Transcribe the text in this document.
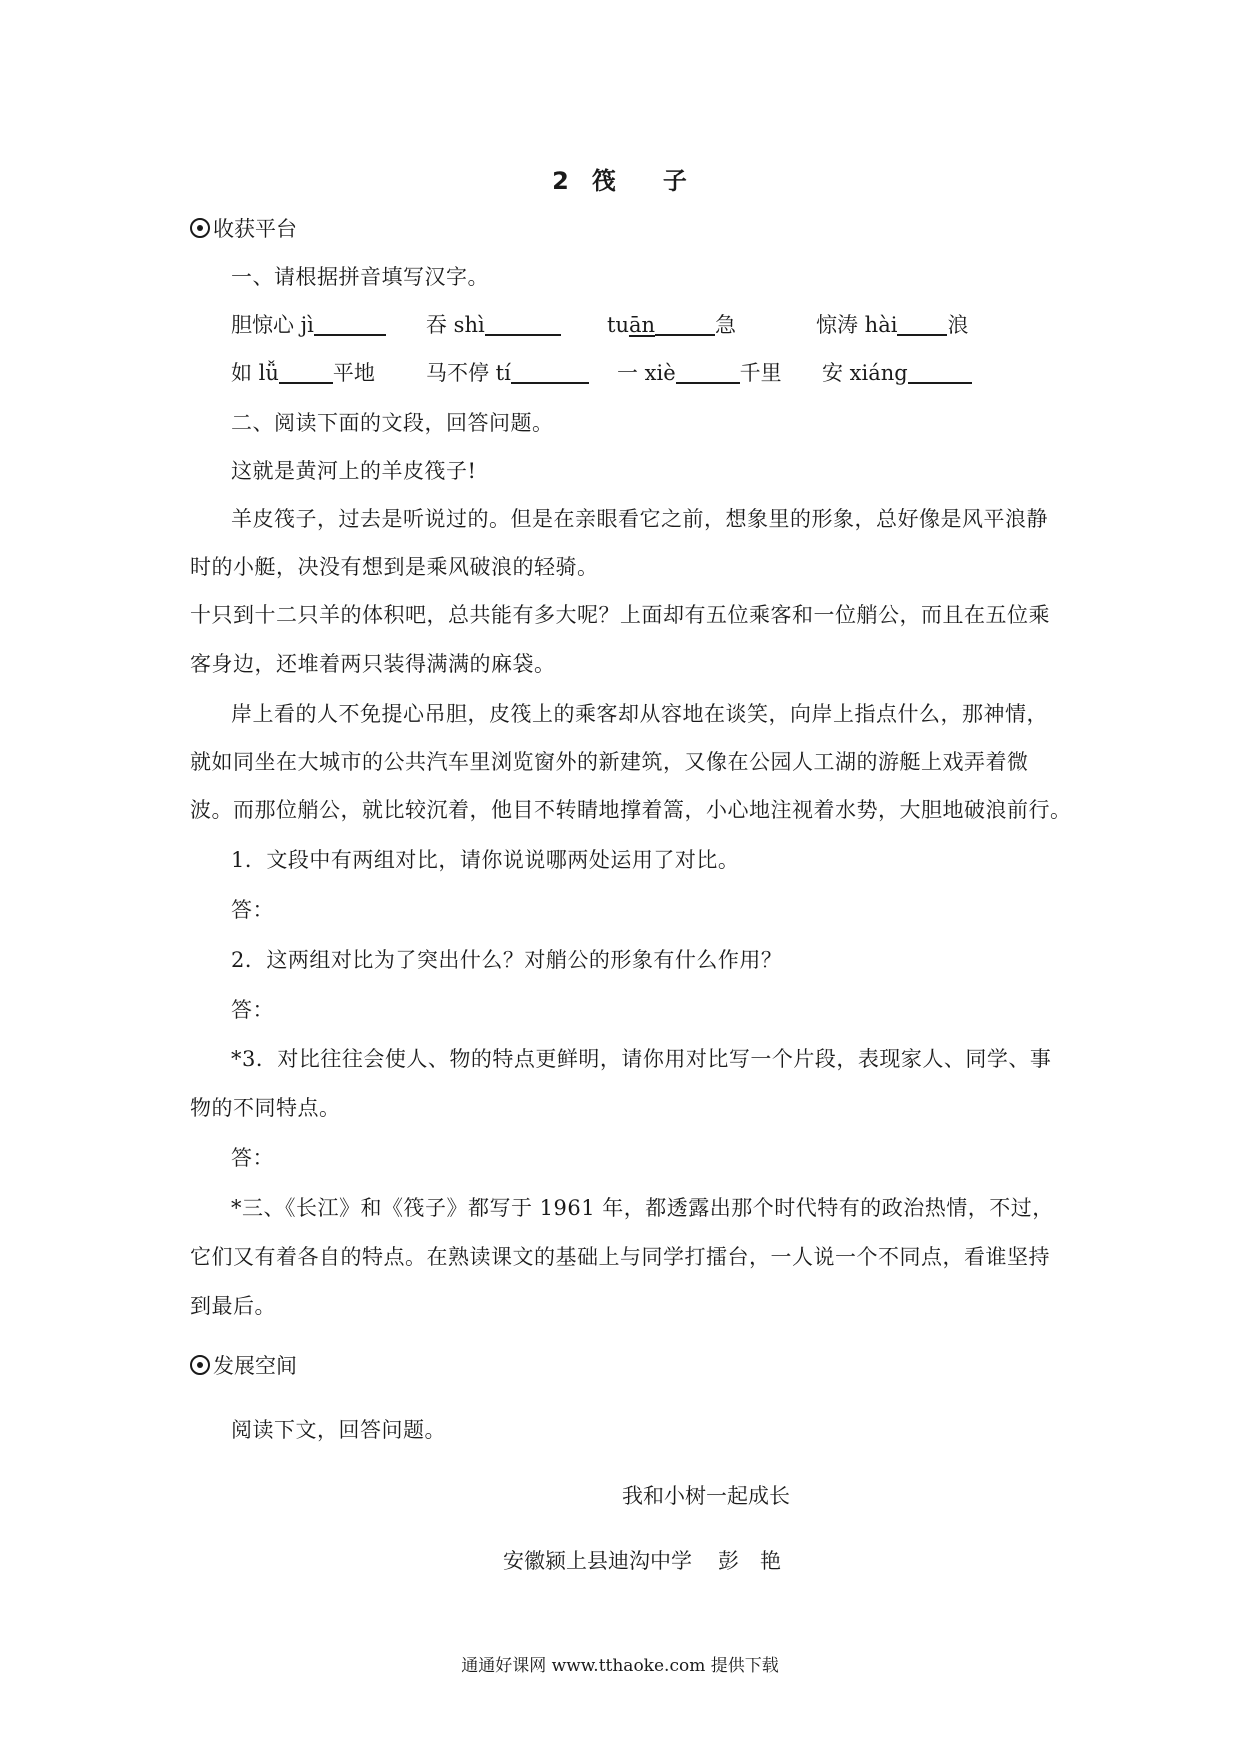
2 筏 子
收获平台
一、请根据拼音填写汉字。
胆惊心 jì	吞 shì	tuān	急	惊涛 hài 浪
如 lǚ	平地 马不停 tí	一 xiè	千里 安 xiáng
二、阅读下面的文段，回答问题。
这就是黄河上的羊皮筏子!
羊皮筏子，过去是听说过的。但是在亲眼看它之前，想象里的形象，总好像是风平浪静
时的小艇，决没有想到是乘风破浪的轻骑。
十只到十二只羊的体积吧，总共能有多大呢？上面却有五位乘客和一位艄公，而且在五位乘
客身边，还堆着两只装得满满的麻袋。
岸上看的人不免提心吊胆，皮筏上的乘客却从容地在谈笑，向岸上指点什么，那神情，
就如同坐在大城市的公共汽车里浏览窗外的新建筑，又像在公园人工湖的游艇上戏弄着微
波。而那位艄公，就比较沉着，他目不转睛地撑着篙，小心地注视着水势，大胆地破浪前行。
1．文段中有两组对比，请你说说哪两处运用了对比。
答：
2．这两组对比为了突出什么？对艄公的形象有什么作用？
答：
*3．对比往往会使人、物的特点更鲜明，请你用对比写一个片段，表现家人、同学、事
物的不同特点。
答：
*三、《长江》和《筏子》都写于 1961 年，都透露出那个时代特有的政治热情，不过，
它们又有着各自的特点。在熟读课文的基础上与同学打擂台，一人说一个不同点，看谁坚持
到最后。
发展空间
阅读下文，回答问题。
我和小树一起成长
安徽颍上县迪沟中学 彭　艳
通通好课网 www.tthaoke.com 提供下载
